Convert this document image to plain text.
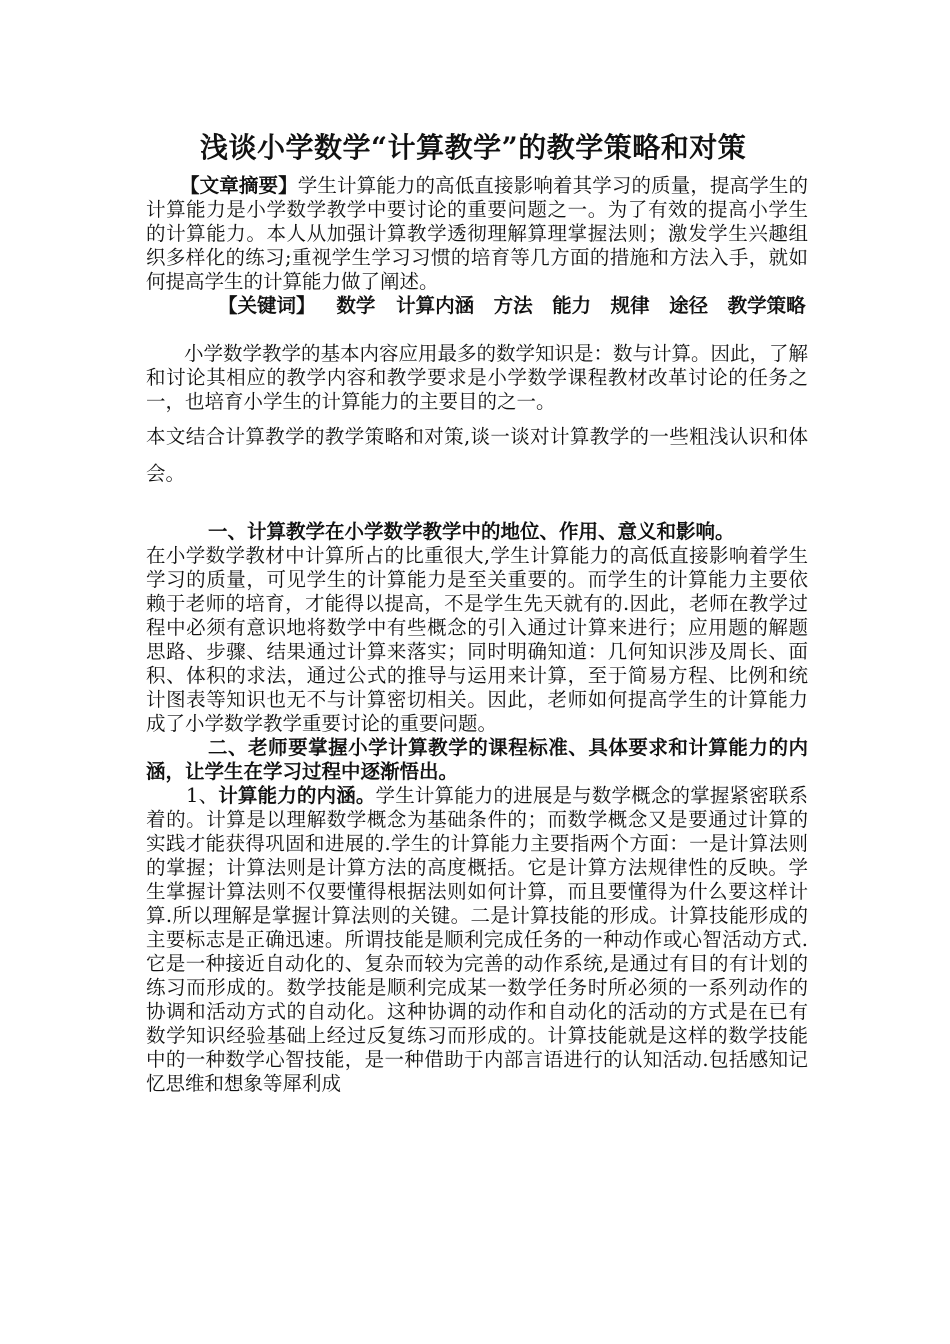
浅谈小学数学“计算教学”的教学策略和对策

【文章摘要】学生计算能力的高低直接影响着其学习的质量，提高学生的计算能力是小学数学教学中要讨论的重要问题之一。为了有效的提高小学生的计算能力。本人从加强计算教学透彻理解算理掌握法则；激发学生兴趣组织多样化的练习;重视学生学习习惯的培育等几方面的措施和方法入手，就如何提高学生的计算能力做了阐述。

【关键词】 数学 计算内涵　方法　能力　规律　途径　教学策略

小学数学教学的基本内容应用最多的数学知识是：数与计算。因此，了解和讨论其相应的教学内容和教学要求是小学数学课程教材改革讨论的任务之一，也培育小学生的计算能力的主要目的之一。

本文结合计算教学的教学策略和对策,谈一谈对计算教学的一些粗浅认识和体会。

一、计算教学在小学数学教学中的地位、作用、意义和影响。

在小学数学教材中计算所占的比重很大,学生计算能力的高低直接影响着学生学习的质量，可见学生的计算能力是至关重要的。而学生的计算能力主要依赖于老师的培育，才能得以提高，不是学生先天就有的.因此，老师在教学过程中必须有意识地将数学中有些概念的引入通过计算来进行；应用题的解题思路、步骤、结果通过计算来落实；同时明确知道：几何知识涉及周长、面积、体积的求法，通过公式的推导与运用来计算，至于简易方程、比例和统计图表等知识也无不与计算密切相关。因此，老师如何提高学生的计算能力成了小学数学教学重要讨论的重要问题。

二、老师要掌握小学计算教学的课程标准、具体要求和计算能力的内涵，让学生在学习过程中逐渐悟出。

1、计算能力的内涵。学生计算能力的进展是与数学概念的掌握紧密联系着的。计算是以理解数学概念为基础条件的；而数学概念又是要通过计算的实践才能获得巩固和进展的.学生的计算能力主要指两个方面：一是计算法则的掌握；计算法则是计算方法的高度概括。它是计算方法规律性的反映。学生掌握计算法则不仅要懂得根据法则如何计算，而且要懂得为什么要这样计算.所以理解是掌握计算法则的关键。二是计算技能的形成。计算技能形成的主要标志是正确迅速。所谓技能是顺利完成任务的一种动作或心智活动方式.它是一种接近自动化的、复杂而较为完善的动作系统,是通过有目的有计划的练习而形成的。数学技能是顺利完成某一数学任务时所必须的一系列动作的协调和活动方式的自动化。这种协调的动作和自动化的活动的方式是在已有数学知识经验基础上经过反复练习而形成的。计算技能就是这样的数学技能中的一种数学心智技能，是一种借助于内部言语进行的认知活动.包括感知记忆思维和想象等犀利成
